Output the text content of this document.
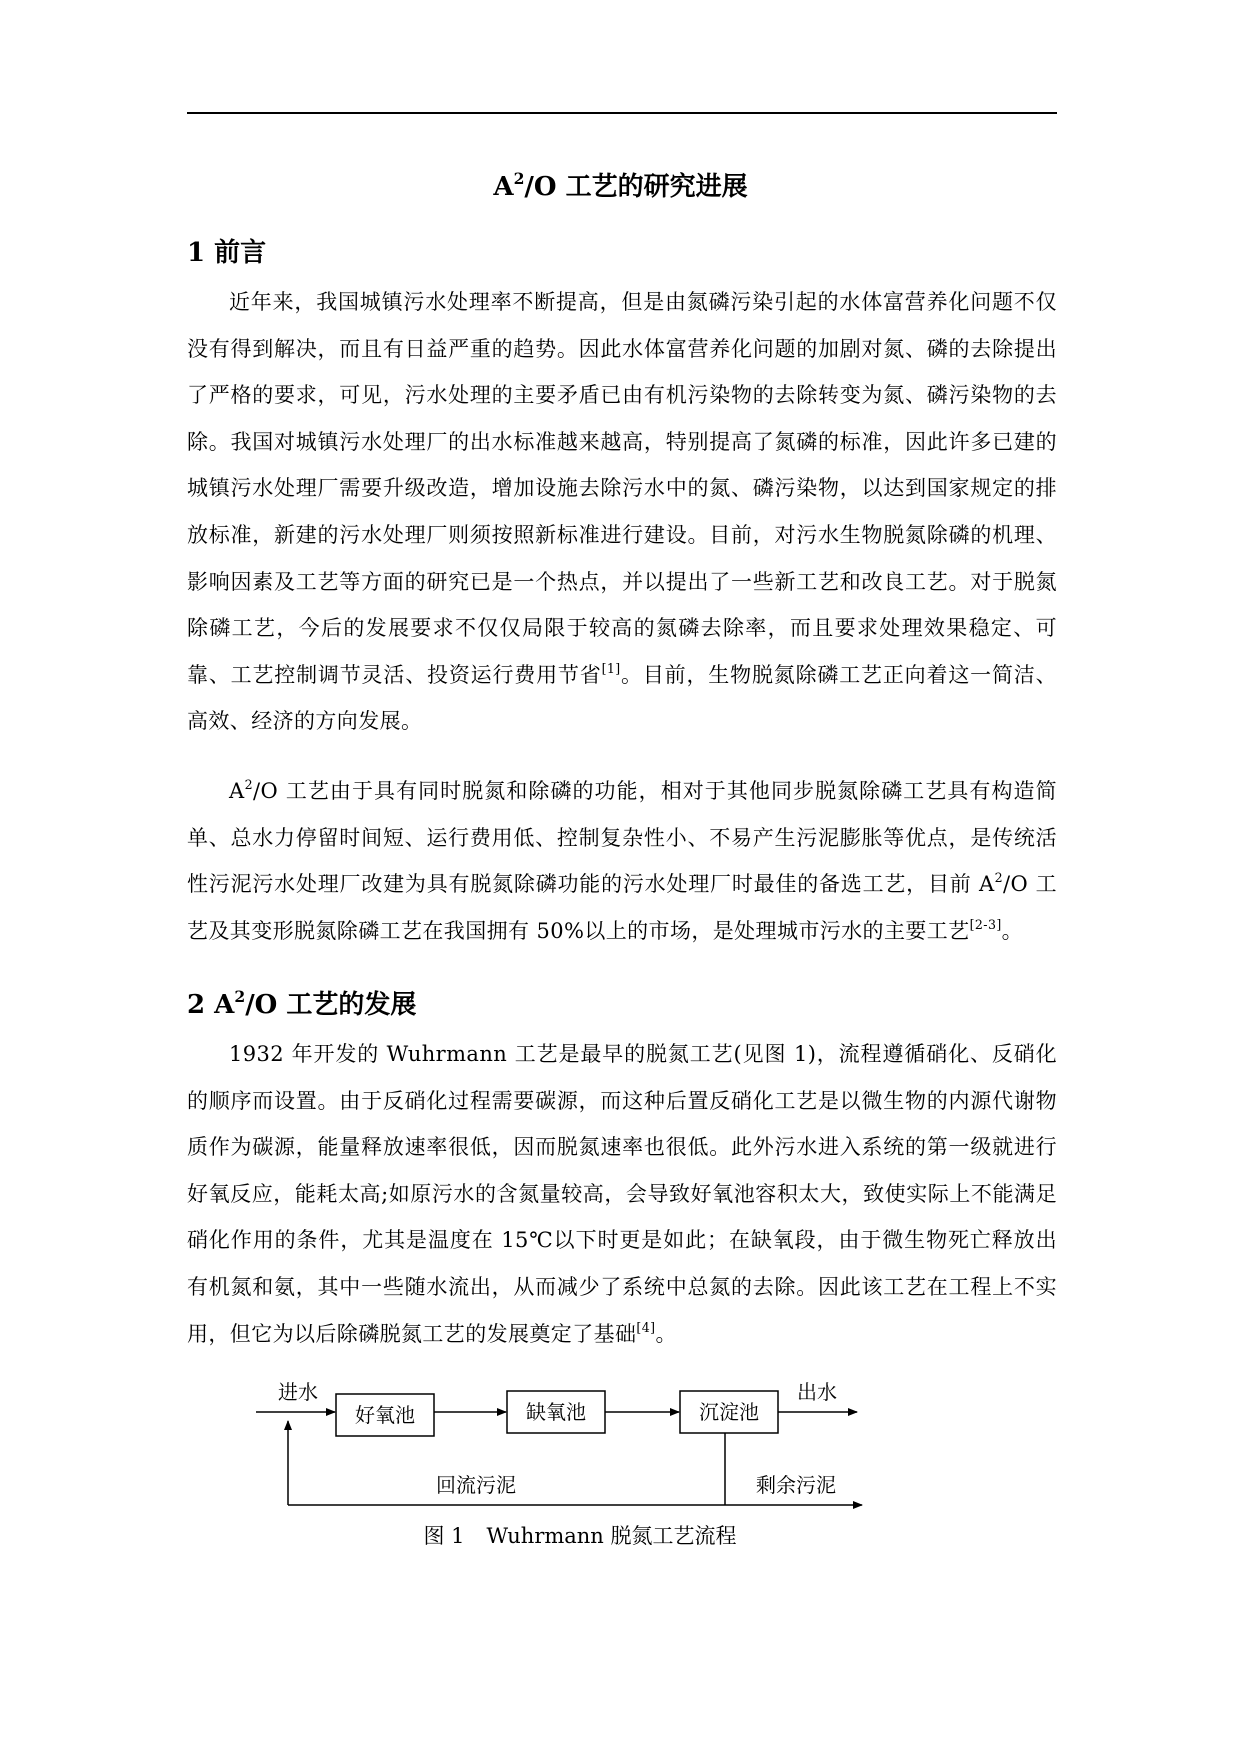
$A^2/O$ 工艺的研究进展
1 前言

近年来，我国城镇污水处理率不断提高，但是由氮磷污染引起的水体富营养化问题不仅没有得到解决，而且有日益严重的趋势。因此水体富营养化问题的加剧对氮、磷的去除提出了严格的要求，可见，污水处理的主要矛盾已由有机污染物的去除转变为氮、磷污染物的去除。我国对城镇污水处理厂的出水标准越来越高，特别提高了氮磷的标准，因此许多已建的城镇污水处理厂需要升级改造，增加设施去除污水中的氮、磷污染物，以达到国家规定的排放标准，新建的污水处理厂则须按照新标准进行建设。目前，对污水生物脱氮除磷的机理、影响因素及工艺等方面的研究已是一个热点，并以提出了一些新工艺和改良工艺。对于脱氮除磷工艺，今后的发展要求不仅仅局限于较高的氮磷去除率，而且要求处理效果稳定、可靠、工艺控制调节灵活、投资运行费用节省[1]。目前，生物脱氮除磷工艺正向着这一简洁、高效、经济的方向发展。

$A^2/O$ 工艺由于具有同时脱氮和除磷的功能，相对于其他同步脱氮除磷工艺具有构造简单、总水力停留时间短、运行费用低、控制复杂性小、不易产生污泥膨胀等优点，是传统活性污泥污水处理厂改建为具有脱氮除磷功能的污水处理厂时最佳的备选工艺，目前 $A^2/O$ 工艺及其变形脱氮除磷工艺在我国拥有 50%以上的市场，是处理城市污水的主要工艺[2-3]。

2 $A^2/O$ 工艺的发展

1932 年开发的 Wuhrmann 工艺是最早的脱氮工艺(见图 1)，流程遵循硝化、反硝化的顺序而设置。由于反硝化过程需要碳源，而这种后置反硝化工艺是以微生物的内源代谢物质作为碳源，能量释放速率很低，因而脱氮速率也很低。此外污水进入系统的第一级就进行好氧反应，能耗太高;如原污水的含氮量较高，会导致好氧池容积太大，致使实际上不能满足硝化作用的条件，尤其是温度在 15℃以下时更是如此；在缺氧段，由于微生物死亡释放出有机氮和氨，其中一些随水流出，从而减少了系统中总氮的去除。因此该工艺在工程上不实用，但它为以后除磷脱氮工艺的发展奠定了基础[4]。

进水
好氧池	缺氧池	沉淀池
出水
回流污泥	剩余污泥
图 1 Wuhrmann 脱氮工艺流程
